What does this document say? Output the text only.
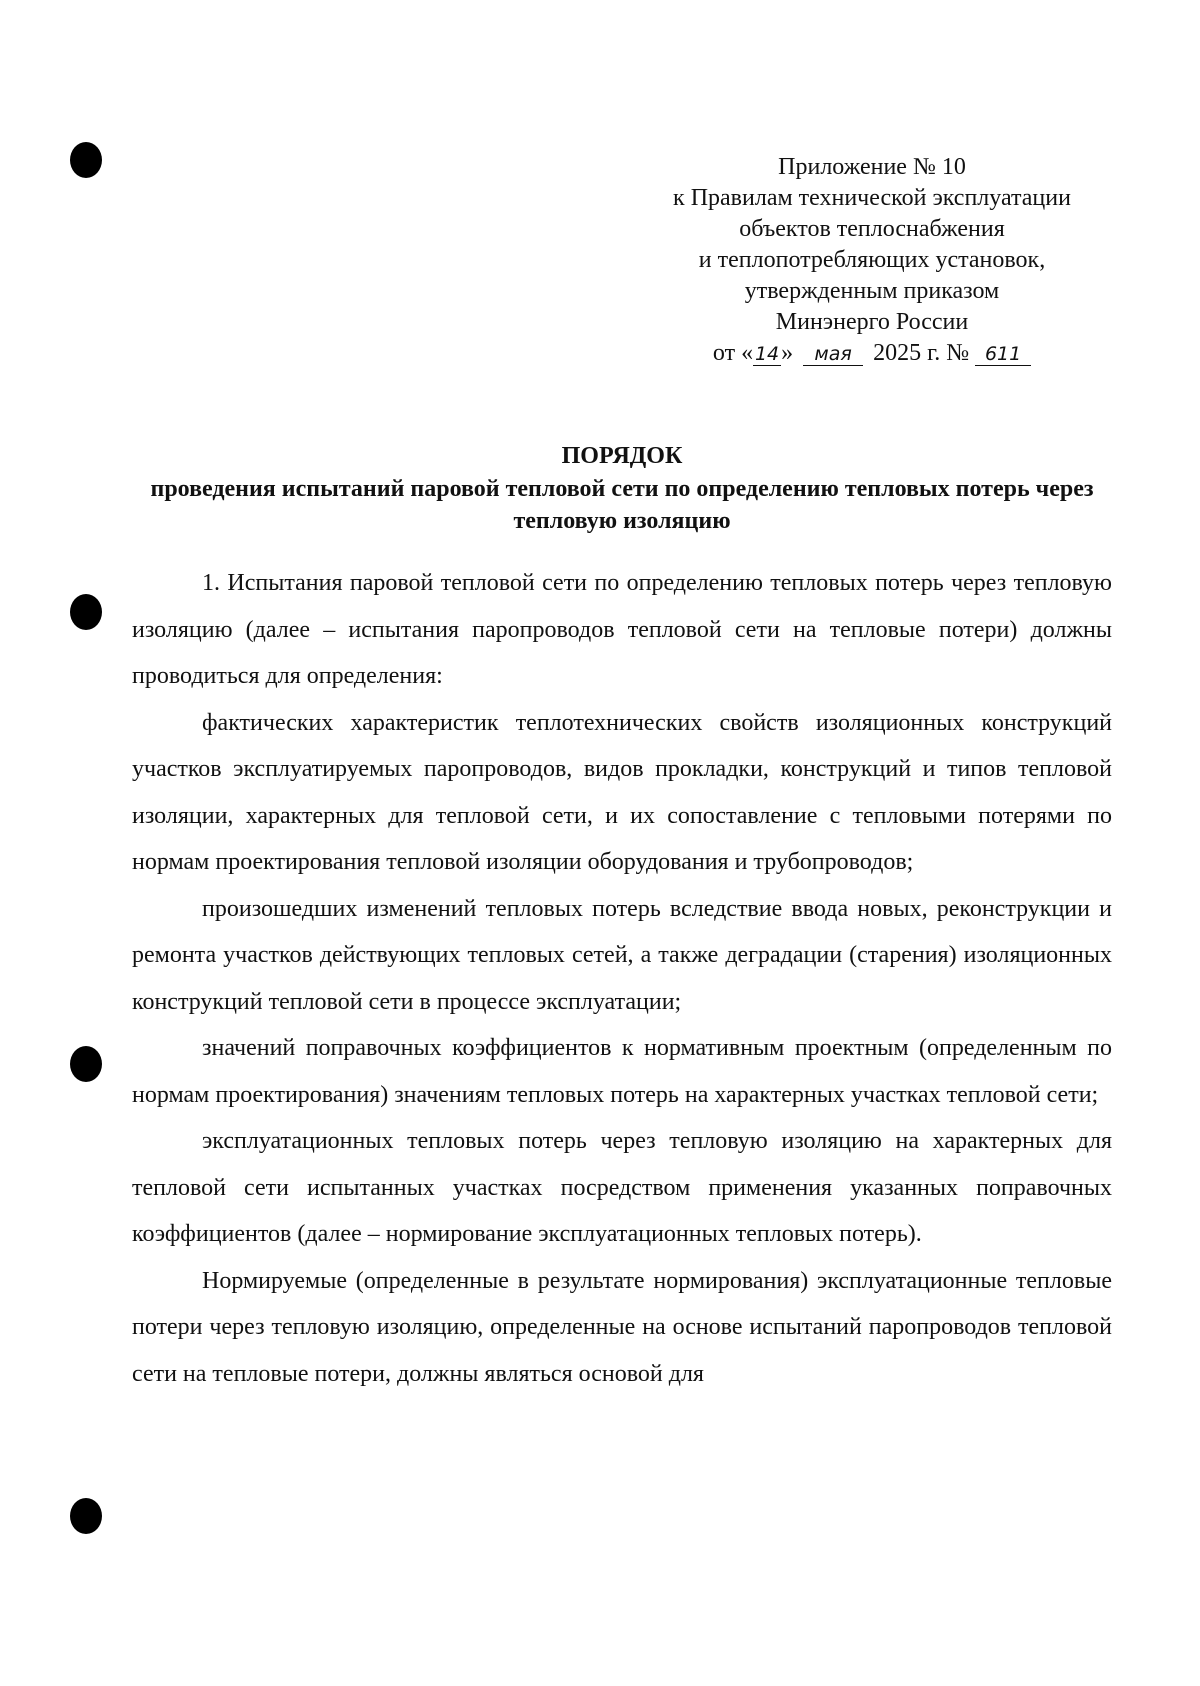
Приложение № 10
к Правилам технической эксплуатации
объектов теплоснабжения
и теплопотребляющих установок,
утвержденным приказом
Минэнерго России
от « 14» мая 2025 г. № 611
ПОРЯДОК
проведения испытаний паровой тепловой сети по определению тепловых потерь через тепловую изоляцию

1. Испытания паровой тепловой сети по определению тепловых потерь через тепловую изоляцию (далее – испытания паропроводов тепловой сети на тепловые потери) должны проводиться для определения:

фактических характеристик теплотехнических свойств изоляционных конструкций участков эксплуатируемых паропроводов, видов прокладки, конструкций и типов тепловой изоляции, характерных для тепловой сети, и их сопоставление с тепловыми потерями по нормам проектирования тепловой изоляции оборудования и трубопроводов;

произошедших изменений тепловых потерь вследствие ввода новых, реконструкции и ремонта участков действующих тепловых сетей, а также деградации (старения) изоляционных конструкций тепловой сети в процессе эксплуатации;

значений поправочных коэффициентов к нормативным проектным (определенным по нормам проектирования) значениям тепловых потерь на характерных участках тепловой сети;

эксплуатационных тепловых потерь через тепловую изоляцию на характерных для тепловой сети испытанных участках посредством применения указанных поправочных коэффициентов (далее – нормирование эксплуатационных тепловых потерь).

Нормируемые (определенные в результате нормирования) эксплуатационные тепловые потери через тепловую изоляцию, определенные на основе испытаний паропроводов тепловой сети на тепловые потери, должны являться основой для
